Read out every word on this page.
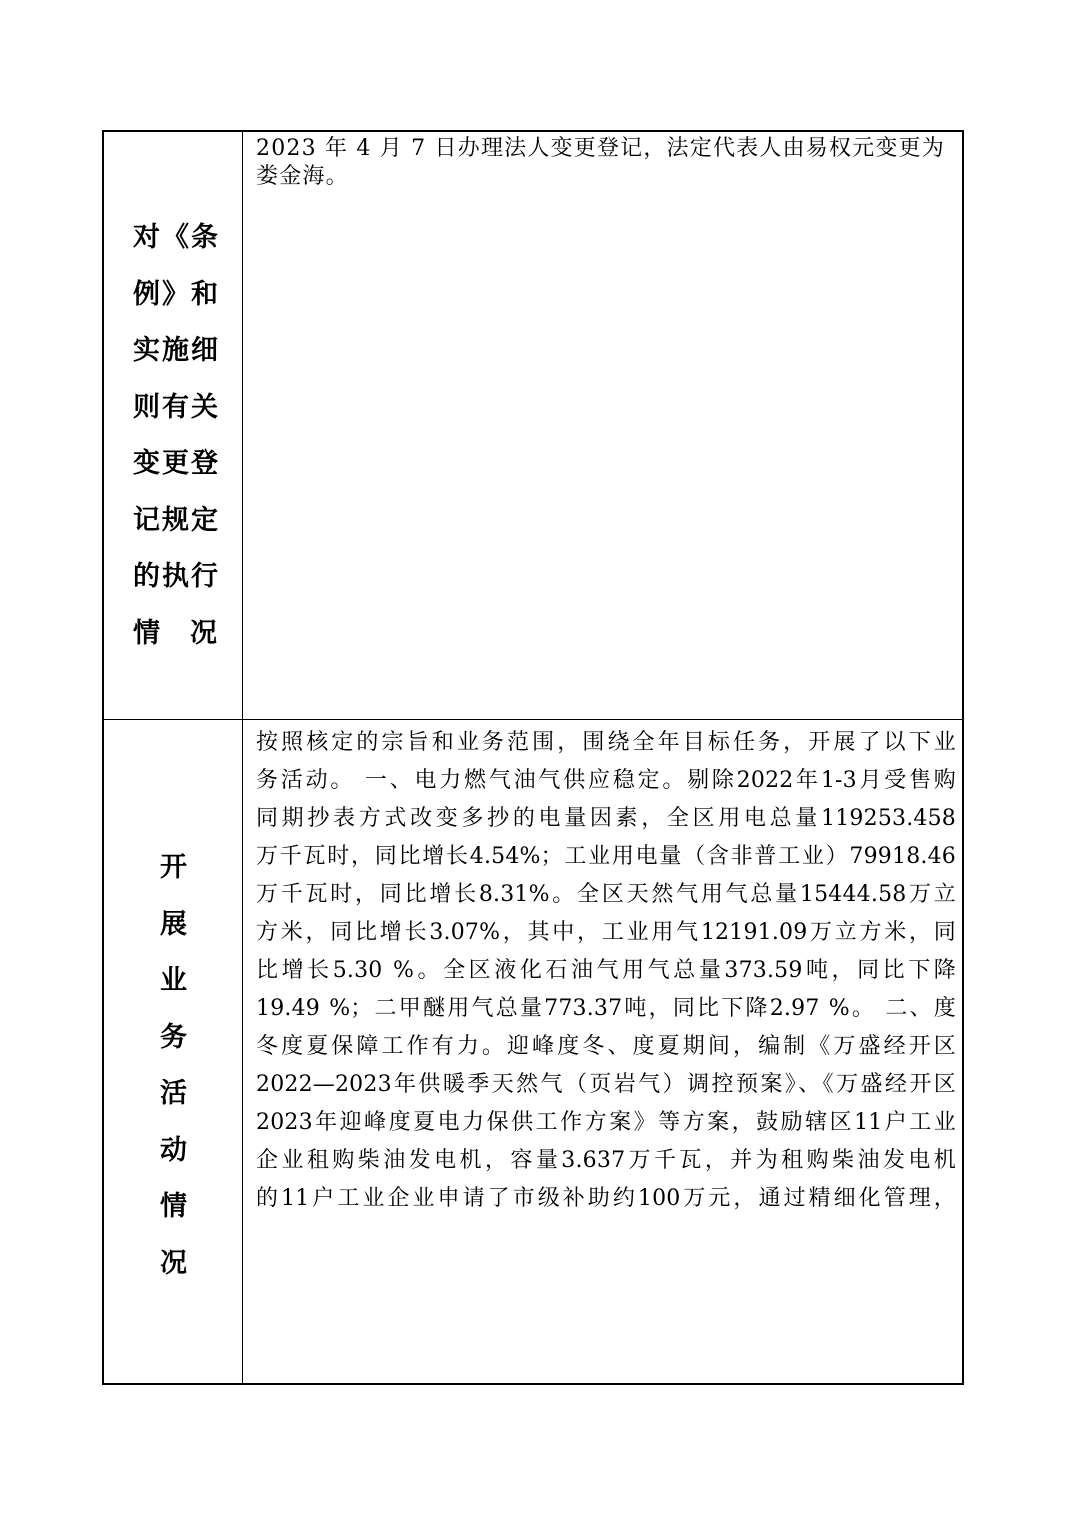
对《条例》和实施细则有关变更登记规定的执行
情 况
2023 年 4 月 7 日办理法人变更登记，法定代表人由易权元变更为娄金海。
开
展
业
务
活
动
情
况
按照核定的宗旨和业务范围，围绕全年目标任务，开展了以下业
务活动。 一、电力燃气油气供应稳定。剔除2022年1-3月受售购
同期抄表方式改变多抄的电量因素，全区用电总量119253.458
万千瓦时，同比增长4.54%；工业用电量（含非普工业）79918.46
万千瓦时，同比增长8.31%。全区天然气用气总量15444.58万立
方米，同比增长3.07%，其中，工业用气12191.09万立方米，同
比增长5.30 %。全区液化石油气用气总量373.59吨，同比下降
19.49 %；二甲醚用气总量773.37吨，同比下降2.97 %。 二、度
冬度夏保障工作有力。迎峰度冬、度夏期间，编制《万盛经开区
2022—2023年供暖季天然气（页岩气）调控预案》、《万盛经开区
2023年迎峰度夏电力保供工作方案》等方案，鼓励辖区11户工业
企业租购柴油发电机，容量3.637万千瓦，并为租购柴油发电机
的11户工业企业申请了市级补助约100万元，通过精细化管理，
